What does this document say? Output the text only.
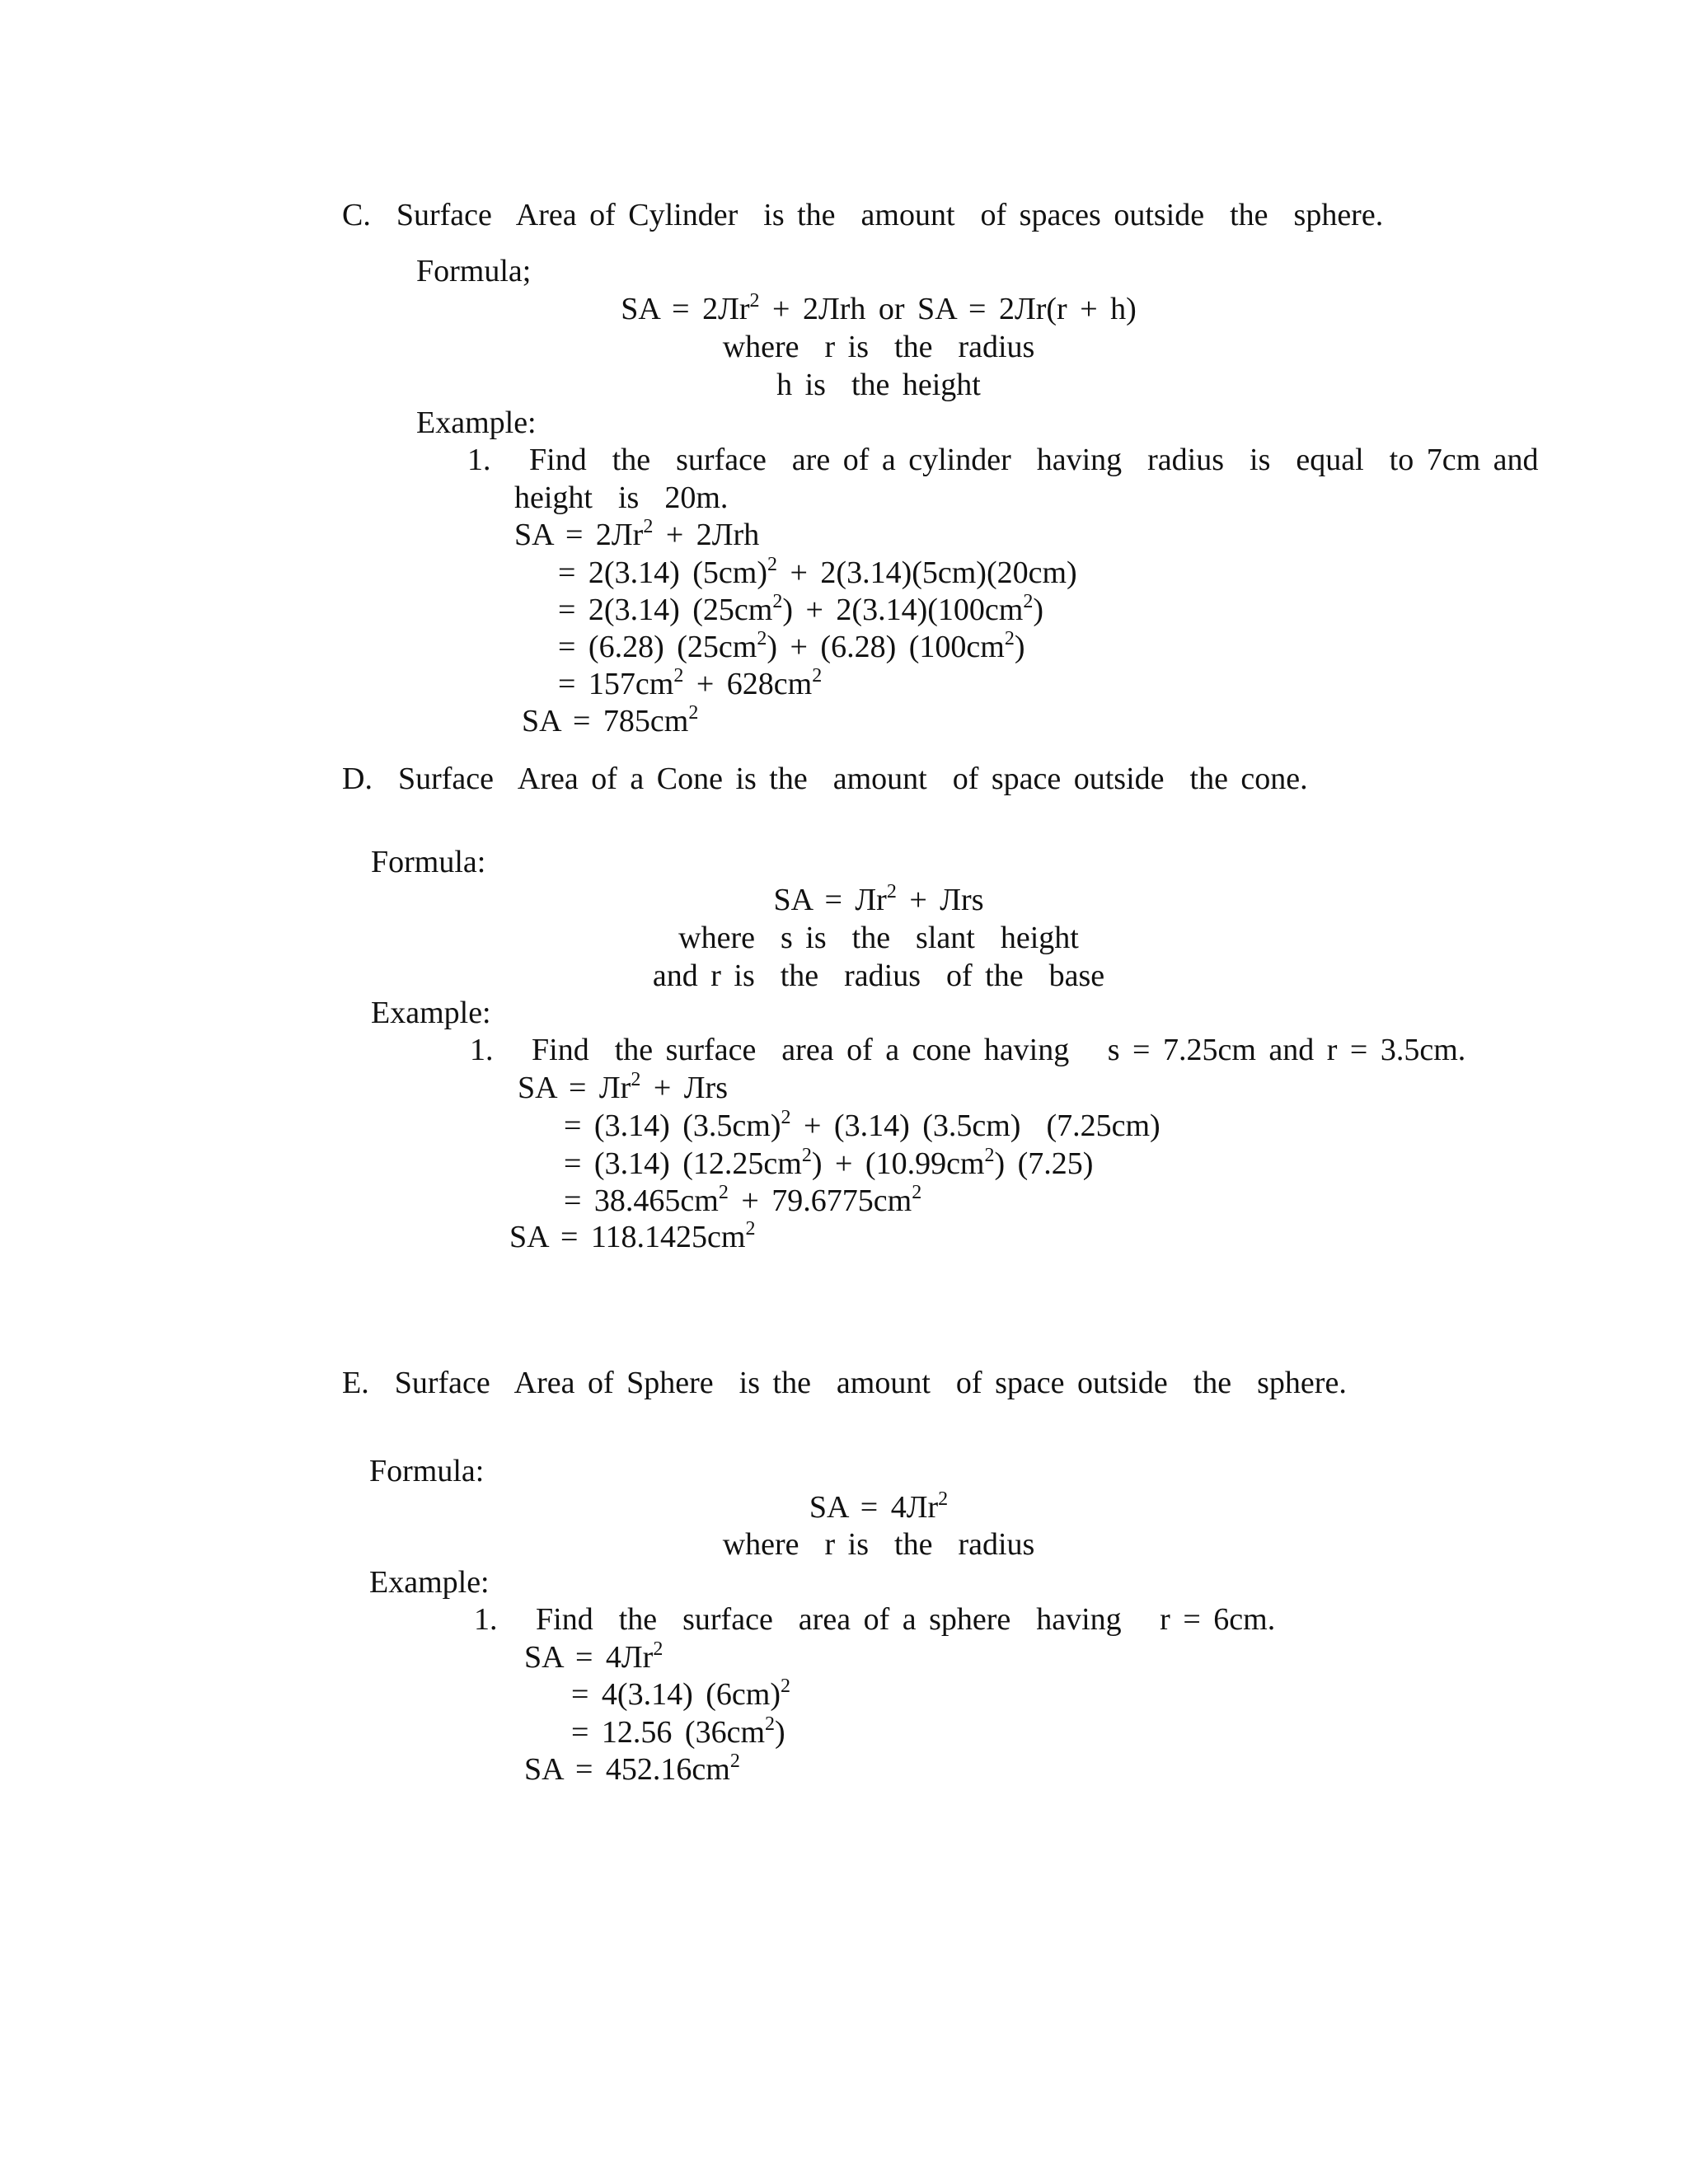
C.  Surface  Area of Cylinder  is the  amount  of spaces outside  the  sphere.
Formula;
SA = $2Лr^2 + 2Лrh$ or SA = 2Лr(r + h)
where  r is  the  radius
h is  the height
Example:
1.   Find  the  surface  are of a cylinder  having  radius  is  equal  to 7cm and
height  is  20m.
SA = $2Лr^2 + 2Лrh$
= 2(3.14) $(5cm)^2 + 2(3.14)(5cm)(20cm)$
= 2(3.14) $(25cm^2) + 2(3.14)(100cm^2)$
= (6.28) $(25cm^2) + (6.28)$ $(100cm^2)$
= $157cm^2 + 628cm^2$
SA = $785cm^2$
D.  Surface  Area of a Cone is the  amount  of space outside  the cone.
Formula:
SA = $Лr^2$ + Лrs
where  s is  the  slant  height
and r is  the  radius  of the  base
Example:
1.   Find  the surface  area of a cone having   s = 7.25cm and r = 3.5cm.
SA = $Лr^2$ + Лrs
= (3.14) $(3.5cm)^2 + (3.14)$ (3.5cm)  (7.25cm)
= (3.14) $(12.25cm^2) + (10.99cm^2)$ (7.25)
= $38.465cm^2 + 79.6775cm^2$
SA = $118.1425cm^2$
E.  Surface  Area of Sphere  is the  amount  of space outside  the  sphere.
Formula:
SA = $4Лr^2$
where  r is  the  radius
Example:
1.   Find  the  surface  area of a sphere  having   r = 6cm.
SA = $4Лr^2$
= 4(3.14) $(6cm)^2$
= 12.56 $(36cm^2)$
SA = $452.16cm^2$
